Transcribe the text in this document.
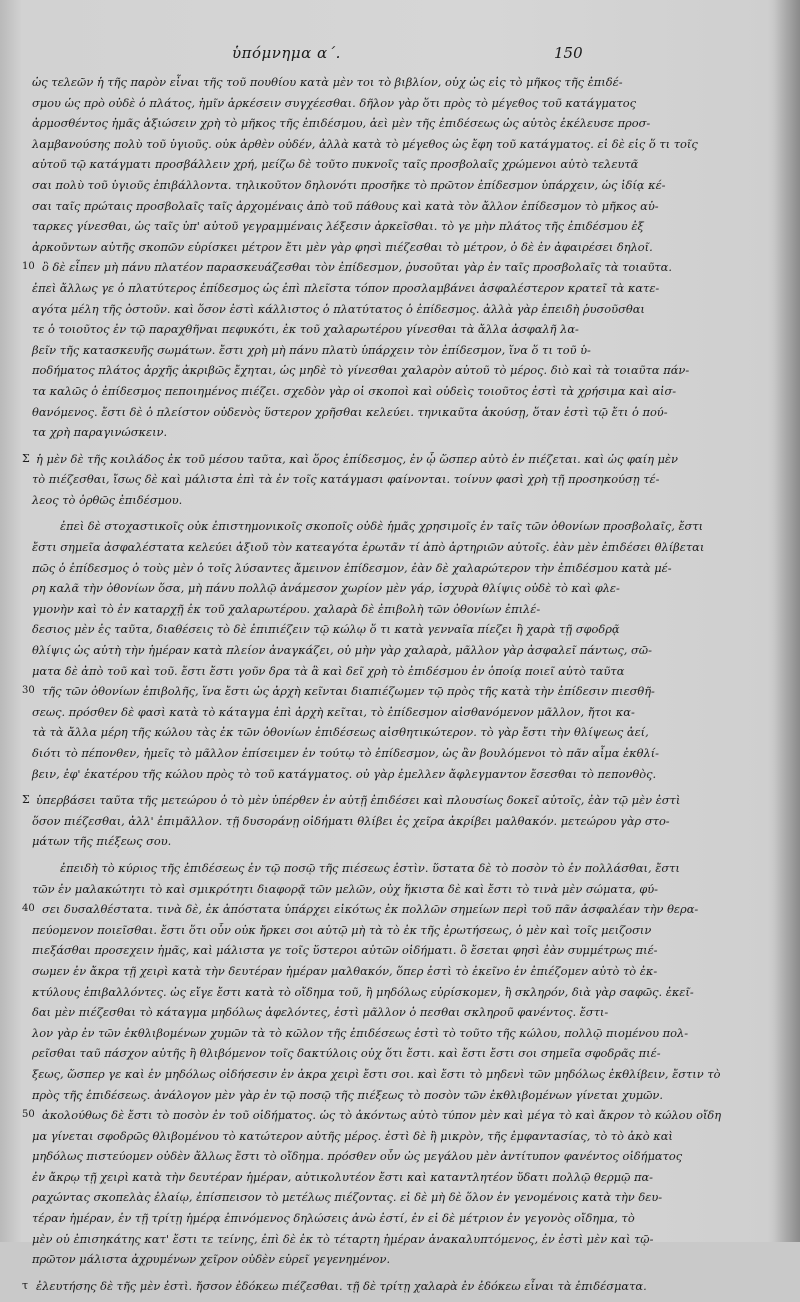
ὑπόμνημα α΄.	150
ὡς τελεῶν ἡ τῆς παρὸν εἶναι τῆς τοῦ πουθίου κατὰ μὲν τοι τὸ βιβλίον, οὐχ ὡς εἰς τὸ μῆκος τῆς ἐπιδέ-
σμου ὡς πρὸ οὐδὲ ὁ πλάτος, ἡμῖν ἀρκέσειν συγχέεσθαι. δῆλον γὰρ ὅτι πρὸς τὸ μέγεθος τοῦ κατάγματος
ἀρμοσθέντος ἡμᾶς ἀξιώσειν χρὴ τὸ μῆκος τῆς ἐπιδέσμου, ἀεὶ μὲν τῆς ἐπιδέσεως ὡς αὐτὸς ἐκέλευσε προσ-
λαμβανούσης πολὺ τοῦ ὑγιοῦς. οὐκ ἀρθὲν οὐδέν, ἀλλὰ κατὰ τὸ μέγεθος ὡς ἔφη τοῦ κατάγματος. εἰ δὲ εἰς ὅ τι τοῖς
αὐτοῦ τῷ κατάγματι προσβάλλειν χρή, μείζω δὲ τοῦτο πυκνοῖς ταῖς προσβολαῖς χρώμενοι αὐτὸ τελευτᾶ
σαι πολὺ τοῦ ὑγιοῦς ἐπιβάλλοντα. τηλικοῦτον δηλονότι προσῆκε τὸ πρῶτον ἐπίδεσμον ὑπάρχειν, ὡς ἰδίᾳ κέ-
σαι ταῖς πρώταις προσβολαῖς ταῖς ἀρχομέναις ἀπὸ τοῦ πάθους καὶ κατὰ τὸν ἄλλον ἐπίδεσμον τὸ μῆκος αὐ-
ταρκες γίνεσθαι, ὡς ταῖς ὑπ' αὐτοῦ γεγραμμέναις λέξεσιν ἀρκεῖσθαι. τὸ γε μὴν πλάτος τῆς ἐπιδέσμου ἐξ
ἀρκοῦντων αὐτῆς σκοπῶν εὑρίσκει μέτρον ἔτι μὲν γὰρ φησὶ πιέζεσθαι τὸ μέτρον, ὁ δὲ ἐν ἀφαιρέσει δηλοῖ.
10 ὃ δὲ εἶπεν μὴ πάνυ πλατέον παρασκευάζεσθαι τὸν ἐπίδεσμον, ῥυσοῦται γὰρ ἐν ταῖς προσβολαῖς τὰ τοιαῦτα.
ἐπεὶ ἄλλως γε ὁ πλατύτερος ἐπίδεσμος ὡς ἐπὶ πλεῖστα τόπον προσλαμβάνει ἀσφαλέστερον κρατεῖ τὰ κατε-
αγότα μέλη τῆς ὀστοῦν. καὶ ὅσον ἐστὶ κάλλιστος ὁ πλατύτατος ὁ ἐπίδεσμος. ἀλλὰ γὰρ ἐπειδὴ ῥυσοῦσθαι
τε ὁ τοιοῦτος ἐν τῷ παραχθῆναι πεφυκότι, ἐκ τοῦ χαλαρωτέρου γίνεσθαι τὰ ἄλλα ἀσφαλῆ λα-
βεῖν τῆς κατασκευῆς σωμάτων. ἔστι χρὴ μὴ πάνυ πλατὺ ὑπάρχειν τὸν ἐπίδεσμον, ἵνα ὅ τι τοῦ ὑ-
ποδήματος πλάτος ἀρχῆς ἀκριβῶς ἔχηται, ὡς μηδὲ τὸ γίνεσθαι χαλαρὸν αὐτοῦ τὸ μέρος. διὸ καὶ τὰ τοιαῦτα πάν-
τα καλῶς ὁ ἐπίδεσμος πεποιημένος πιέζει. σχεδὸν γὰρ οἱ σκοποὶ καὶ οὐδεὶς τοιοῦτος ἐστὶ τὰ χρήσιμα καὶ αἰσ-
θανόμενος. ἔστι δὲ ὁ πλείστον οὐδενὸς ὕστερον χρῆσθαι κελεύει. τηνικαῦτα ἀκούσῃ, ὅταν ἐστὶ τῷ ἔτι ὁ πού-
τα χρὴ παραγινώσκειν.
Σ ἡ μὲν δὲ τῆς κοιλάδος ἐκ τοῦ μέσου ταῦτα, καὶ ὅρος ἐπίδεσμος, ἐν ᾧ ὥσπερ αὐτὸ ἐν πιέζεται. καὶ ὡς φαίη μὲν
τὸ πιέζεσθαι, ἴσως δὲ καὶ μάλιστα ἐπὶ τὰ ἐν τοῖς κατάγμασι φαίνονται. τοίνυν φασὶ χρὴ τῇ προσηκούσῃ τέ-
λεος τὸ ὀρθῶς ἐπιδέσμου.
ἐπεὶ δὲ στοχαστικοῖς οὐκ ἐπιστημονικοῖς σκοποῖς οὐδὲ ἡμᾶς χρησιμοῖς ἐν ταῖς τῶν ὀθονίων προσβολαῖς, ἔστι
ἔστι σημεῖα ἀσφαλέστατα κελεύει ἀξιοῦ τὸν κατεαγότα ἐρωτᾶν τί ἀπὸ ἀρτηριῶν αὐτοῖς. ἐὰν μὲν ἐπιδέσει θλίβεται
πῶς ὁ ἐπίδεσμος ὁ τοὺς μὲν ὁ τοῖς λύσαντες ἄμεινον ἐπίδεσμον, ἐὰν δὲ χαλαρώτερον τὴν ἐπιδέσμου κατὰ μέ-
ρη καλᾶ τὴν ὀθονίων ὅσα, μὴ πάνυ πολλῷ ἀνάμεσον χωρίον μὲν γάρ, ἰσχυρὰ θλίψις οὐδὲ τὸ καὶ φλε-
γμονὴν καὶ τὸ ἐν καταρχῇ ἐκ τοῦ χαλαρωτέρου. χαλαρὰ δὲ ἐπιβολὴ τῶν ὀθονίων ἐπιλέ-
δεσιος μὲν ἐς ταῦτα, διαθέσεις τὸ δὲ ἐπιπιέζειν τῷ κώλῳ ὅ τι κατὰ γενναῖα πίεζει ἢ χαρὰ τῇ σφοδρᾷ
θλίψις ὡς αὐτὴ τὴν ἡμέραν κατὰ πλείον ἀναγκάζει, οὐ μὴν γὰρ χαλαρὰ, μᾶλλον γὰρ ἀσφαλεῖ πάντως, σῶ-
ματα δὲ ἀπὸ τοῦ καὶ τοῦ. ἔστι ἔστι γοῦν δρα τὰ ἃ καὶ δεῖ χρὴ τὸ ἐπιδέσμου ἐν ὁποίᾳ ποιεῖ αὐτὸ ταῦτα
30 τῆς τῶν ὀθονίων ἐπιβολῆς, ἵνα ἔστι ὡς ἀρχὴ κεῖνται διαπιέζωμεν τῷ πρὸς τῆς κατὰ τὴν ἐπίδεσιν πιεσθῆ-
σεως. πρόσθεν δὲ φασὶ κατὰ τὸ κάταγμα ἐπὶ ἀρχὴ κεῖται, τὸ ἐπίδεσμον αἰσθανόμενον μᾶλλον, ἤτοι κα-
τὰ τὰ ἄλλα μέρη τῆς κώλου τὰς ἐκ τῶν ὀθονίων ἐπιδέσεως αἰσθητικώτερον. τὸ γὰρ ἔστι τὴν θλίψεως ἀεί,
διότι τὸ πέπονθεν, ἡμεῖς τὸ μᾶλλον ἐπίσειμεν ἐν τούτῳ τὸ ἐπίδεσμον, ὡς ἂν βουλόμενοι τὸ πᾶν αἷμα ἐκθλί-
βειν, ἐφ' ἑκατέρου τῆς κώλου πρὸς τὸ τοῦ κατάγματος. οὐ γὰρ ἐμελλεν ἄφλεγμαντον ἔσεσθαι τὸ πεπονθὸς.
Σ ὑπερβάσει ταῦτα τῆς μετεώρου ὁ τὸ μὲν ὑπέρθεν ἐν αὐτῇ ἐπιδέσει καὶ πλουσίως δοκεῖ αὐτοῖς, ἐὰν τῷ μὲν ἐστὶ
ὅσον πιέζεσθαι, ἀλλ' ἐπιμᾶλλον. τῇ δυσοράνῃ οἰδήματι θλίβει ἐς χεῖρα ἀκρίβει μαλθακόν. μετεώρου γὰρ στο-
μάτων τῆς πιέξεως σου.
ἐπειδὴ τὸ κύριος τῆς ἐπιδέσεως ἐν τῷ ποσῷ τῆς πιέσεως ἐστὶν. ὕστατα δὲ τὸ ποσὸν τὸ ἐν πολλάσθαι, ἔστι
τῶν ἐν μαλακώτητι τὸ καὶ σμικρότητι διαφορᾷ τῶν μελῶν, οὐχ ἥκιστα δὲ καὶ ἔστι τὸ τινὰ μὲν σώματα, φύ-
40 σει δυσαλθέστατα. τινὰ δὲ, ἐκ ἀπόστατα ὑπάρχει εἰκότως ἐκ πολλῶν σημείων περὶ τοῦ πᾶν ἀσφαλέαν τὴν θερα-
πεύομενον ποιεῖσθαι. ἔστι ὅτι οὖν οὐκ ἤρκει σοι αὐτῷ μὴ τὰ τὸ ἐκ τῆς ἐρωτήσεως, ὁ μὲν καὶ τοῖς μειζοσιν
πιεξάσθαι προσεχειν ἡμᾶς, καὶ μάλιστα γε τοῖς ὕστεροι αὐτῶν οἰδήματι. ὃ ἔσεται φησὶ ἐὰν συμμέτρως πιέ-
σωμεν ἐν ἄκρα τῇ χειρὶ κατὰ τὴν δευτέραν ἡμέραν μαλθακόν, ὅπερ ἐστὶ τὸ ἐκεῖνο ἐν ἐπιέζομεν αὐτὸ τὸ ἐκ-
κτύλους ἐπιβαλλόντες. ὡς εἴγε ἔστι κατὰ τὸ οἴδημα τοῦ, ἢ μηδόλως εὑρίσκομεν, ἢ σκληρόν, διὰ γὰρ σαφῶς. ἐκεῖ-
δαι μὲν πιέζεσθαι τὸ κάταγμα μηδόλως ἀφελόντες, ἐστὶ μᾶλλον ὁ πεσθαι σκληροῦ φανέντος. ἔστι-
λον γὰρ ἐν τῶν ἐκθλιβομένων χυμῶν τὰ τὸ κῶλον τῆς ἐπιδέσεως ἐστὶ τὸ τοῦτο τῆς κώλου, πολλῷ πιομένου πολ-
ρεῖσθαι ταῦ πάσχον αὐτῆς ἢ θλιβόμενον τοῖς δακτύλοις οὐχ ὅτι ἔστι. καὶ ἔστι ἔστι σοι σημεῖα σφοδρᾶς πιέ-
ξεως, ὥσπερ γε καὶ ἐν μηδόλως οἰδήσεσιν ἐν ἀκρα χειρὶ ἔστι σοι. καὶ ἔστι τὸ μηδενὶ τῶν μηδόλως ἐκθλίβειν, ἔστιν τὸ
πρὸς τῆς ἐπιδέσεως. ἀνάλογον μὲν γὰρ ἐν τῷ ποσῷ τῆς πιέξεως τὸ ποσὸν τῶν ἐκθλιβομένων γίνεται χυμῶν.
50 ἀκολούθως δὲ ἔστι τὸ ποσὸν ἐν τοῦ οἰδήματος. ὡς τὸ ἀκόντως αὐτὸ τύπον μὲν καὶ μέγα τὸ καὶ ἄκρον τὸ κώλου οἴδη
μα γίνεται σφοδρῶς θλιβομένου τὸ κατώτερον αὐτῆς μέρος. ἐστὶ δὲ ἢ μικρὸν, τῆς ἐμφαντασίας, τὸ τὸ ἀκὸ καὶ
μηδόλως πιστεύομεν οὐδὲν ἄλλως ἔστι τὸ οἴδημα. πρόσθεν οὖν ὡς μεγάλου μὲν ἀντίτυπον φανέντος οἰδήματος
ἐν ἄκρῳ τῇ χειρὶ κατὰ τὴν δευτέραν ἡμέραν, αὐτικολυτέον ἔστι καὶ καταντλητέον ὕδατι πολλῷ θερμῷ πα-
ραχώντας σκοπελὰς ἐλαίῳ, ἐπίσπεισον τὸ μετέλως πιέζοντας. εἰ δὲ μὴ δὲ ὅλον ἐν γενομένοις κατὰ τὴν δευ-
τέραν ἡμέραν, ἐν τῇ τρίτῃ ἡμέρᾳ ἐπινόμενος δηλώσεις ἀνὼ ἐστί, ἐν εἰ δὲ μέτριον ἐν γεγονὸς οἴδημα, τὸ
μὲν οὐ ἐπισηκάτης κατ' ἔστι τε τείνης, ἐπὶ δὲ ἐκ τὸ τέταρτη ἡμέραν ἀνακαλυπτόμενος, ἐν ἐστὶ μὲν καὶ τῷ-
πρῶτον μάλιστα ἀχρυμένων χεῖρον οὐδὲν εὑρεῖ γεγενημένον.
τ ἐλευτήσης δὲ τῆς μὲν ἐστὶ. ἤσσον ἐδόκεω πιέζεσθαι. τῇ δὲ τρίτῃ χαλαρὰ ἐν ἐδόκεω εἶναι τὰ ἐπιδέσματα.
